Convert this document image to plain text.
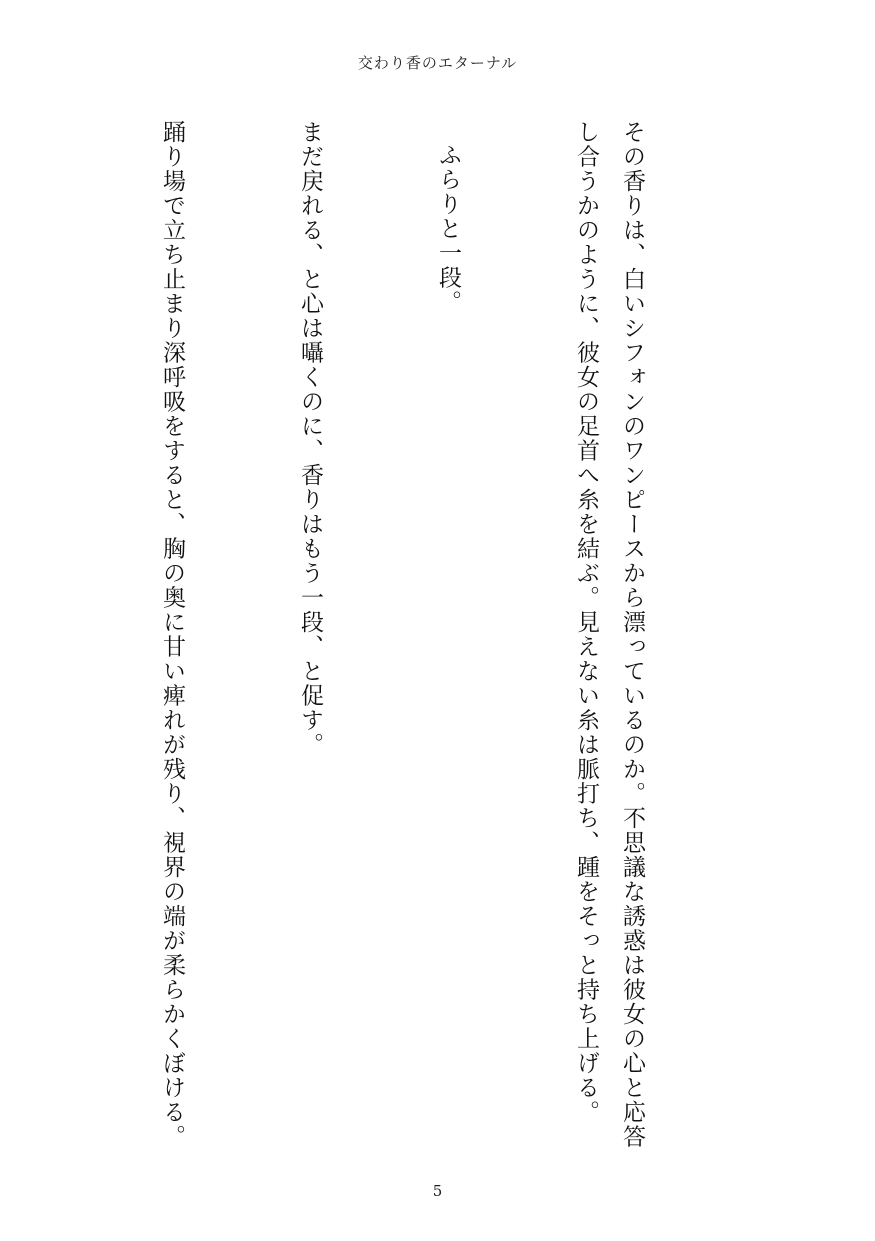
交わり香のエターナル

その香りは、白いシフォンのワンピースから漂っているのか。不思議な誘惑は彼女の心と応答し合うかのように、彼女の足首へ糸を結ぶ。見えない糸は脈打ち、踵をそっと持ち上げる。

ふらりと一段。

まだ戻れる、と心は囁くのに、香りはもう一段、と促す。

踊り場で立ち止まり深呼吸をすると、胸の奥に甘い痺れが残り、視界の端が柔らかくぼける。

5
